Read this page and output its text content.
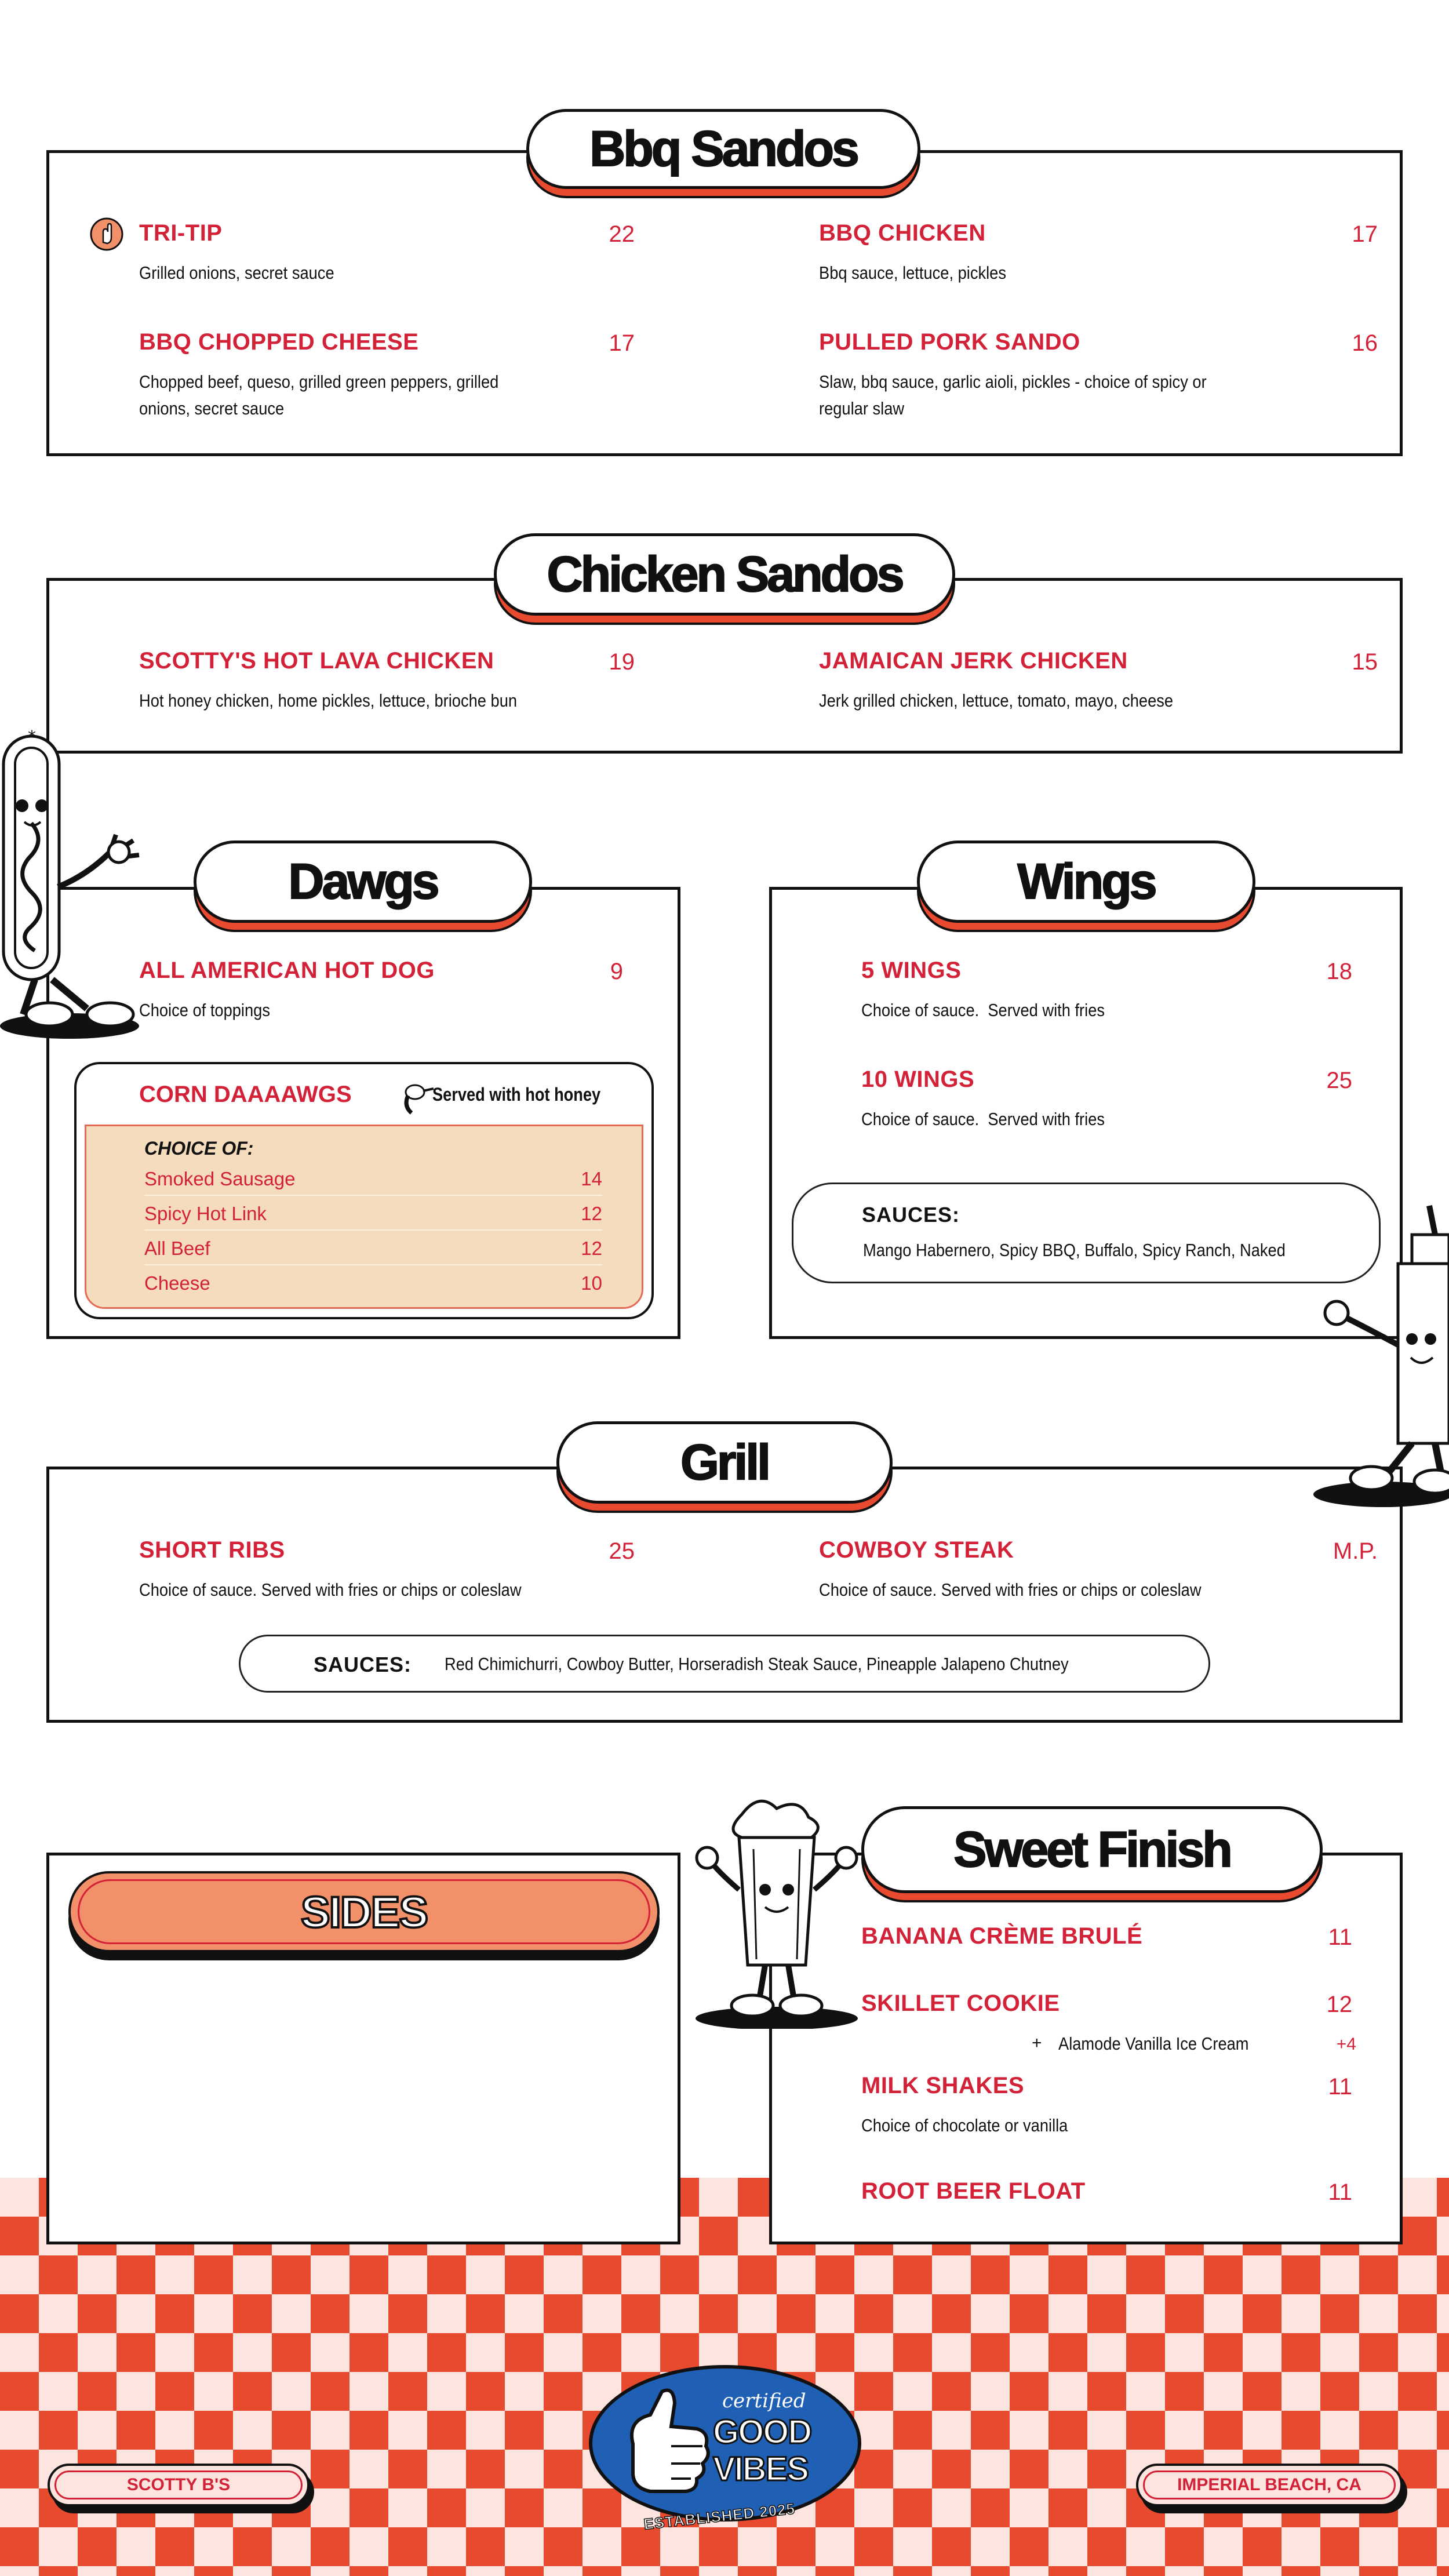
Bbq Sandos
TRI-TIP	22
Grilled onions, secret sauce
BBQ CHICKEN	17
Bbq sauce, lettuce, pickles
BBQ CHOPPED CHEESE	17
Chopped beef, queso, grilled green peppers, grilled onions, secret sauce
PULLED PORK SANDO	16
Slaw, bbq sauce, garlic aioli, pickles - choice of spicy or regular slaw
Chicken Sandos
SCOTTY'S HOT LAVA CHICKEN	19
Hot honey chicken, home pickles, lettuce, brioche bun
JAMAICAN JERK CHICKEN	15
Jerk grilled chicken, lettuce, tomato, mayo, cheese
*
Dawgs
ALL AMERICAN HOT DOG	9
Choice of toppings
CORN DAAAAWGS	Served with hot honey
CHOICE OF:
Smoked Sausage	14
Spicy Hot Link	12
All Beef	12
Cheese	10
Wings
5 WINGS	18
Choice of sauce.  Served with fries
10 WINGS	25
Choice of sauce.  Served with fries
SAUCES:
Mango Habernero, Spicy BBQ, Buffalo, Spicy Ranch, Naked
Grill
SHORT RIBS	25
Choice of sauce. Served with fries or chips or coleslaw
COWBOY STEAK	M.P.
Choice of sauce. Served with fries or chips or coleslaw
SAUCES: Red Chimichurri, Cowboy Butter, Horseradish Steak Sauce, Pineapple Jalapeno Chutney
SIDES
Sweet Finish
BANANA CRÈME BRULÉ	11
SKILLET COOKIE	12
+ Alamode Vanilla Ice Cream	+4
MILK SHAKES	11
Choice of chocolate or vanilla
ROOT BEER FLOAT	11
SCOTTY B'S	IMPERIAL BEACH, CA
certified
GOOD
VIBES
ESTABLISHED 2025
